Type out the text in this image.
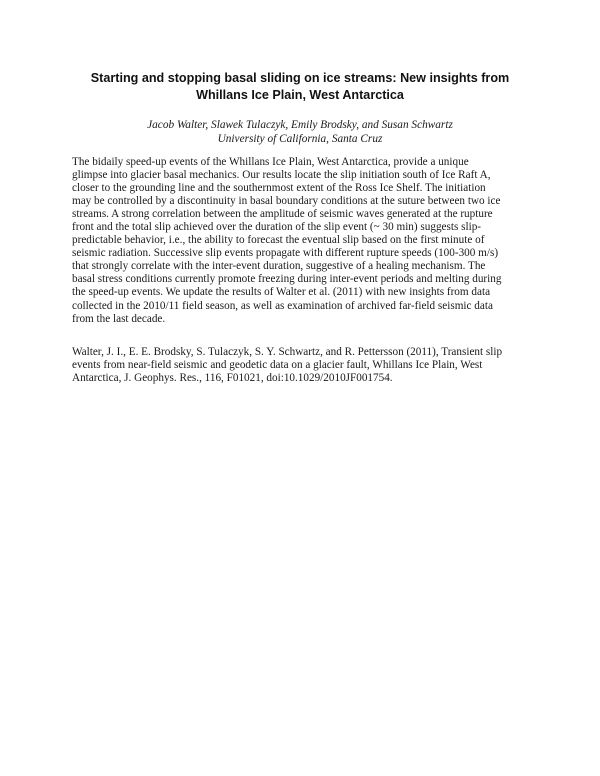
Starting and stopping basal sliding on ice streams: New insights from
Whillans Ice Plain, West Antarctica
Jacob Walter, Slawek Tulaczyk, Emily Brodsky, and Susan Schwartz
University of California, Santa Cruz
The bidaily speed-up events of the Whillans Ice Plain, West Antarctica, provide a unique
glimpse into glacier basal mechanics. Our results locate the slip initiation south of Ice Raft A,
closer to the grounding line and the southernmost extent of the Ross Ice Shelf. The initiation
may be controlled by a discontinuity in basal boundary conditions at the suture between two ice
streams. A strong correlation between the amplitude of seismic waves generated at the rupture
front and the total slip achieved over the duration of the slip event (~ 30 min) suggests slip-
predictable behavior, i.e., the ability to forecast the eventual slip based on the first minute of
seismic radiation. Successive slip events propagate with different rupture speeds (100-300 m/s)
that strongly correlate with the inter-event duration, suggestive of a healing mechanism. The
basal stress conditions currently promote freezing during inter-event periods and melting during
the speed-up events. We update the results of Walter et al. (2011) with new insights from data
collected in the 2010/11 field season, as well as examination of archived far-field seismic data
from the last decade.
Walter, J. I., E. E. Brodsky, S. Tulaczyk, S. Y. Schwartz, and R. Pettersson (2011), Transient slip
events from near-field seismic and geodetic data on a glacier fault, Whillans Ice Plain, West
Antarctica, J. Geophys. Res., 116, F01021, doi:10.1029/2010JF001754.
